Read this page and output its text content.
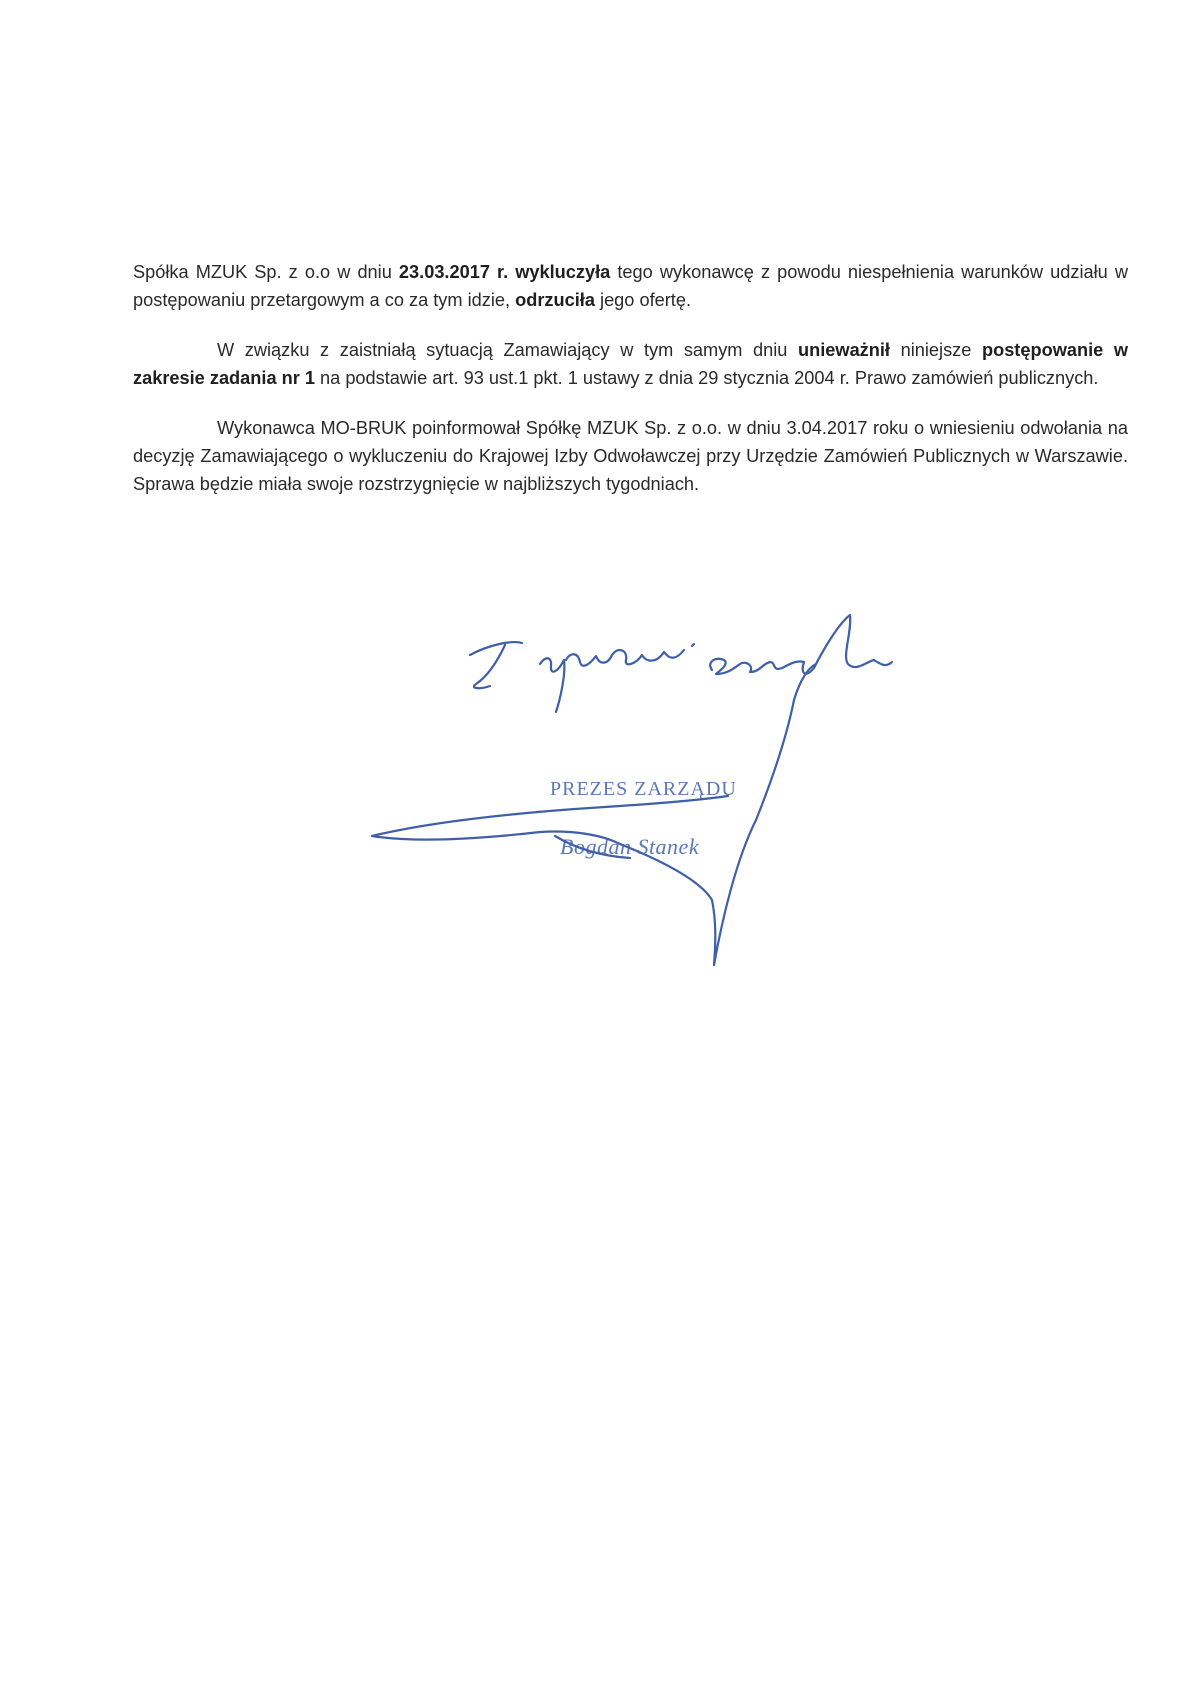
Spółka MZUK Sp. z o.o w dniu 23.03.2017 r. wykluczyła tego wykonawcę z powodu niespełnienia warunków udziału w postępowaniu przetargowym a co za tym idzie, odrzuciła jego ofertę.

W związku z zaistniałą sytuacją Zamawiający w tym samym dniu unieważnił niniejsze postępowanie w zakresie zadania nr 1 na podstawie art. 93 ust.1 pkt. 1 ustawy z dnia 29 stycznia 2004 r. Prawo zamówień publicznych.

Wykonawca MO-BRUK poinformował Spółkę MZUK Sp. z o.o. w dniu 3.04.2017 roku o wniesieniu odwołania na decyzję Zamawiającego o wykluczeniu do Krajowej Izby Odwoławczej przy Urzędzie Zamówień Publicznych w Warszawie. Sprawa będzie miała swoje rozstrzygnięcie w najbliższych tygodniach.

PREZES ZARZĄDU
Bogdan Stanek
